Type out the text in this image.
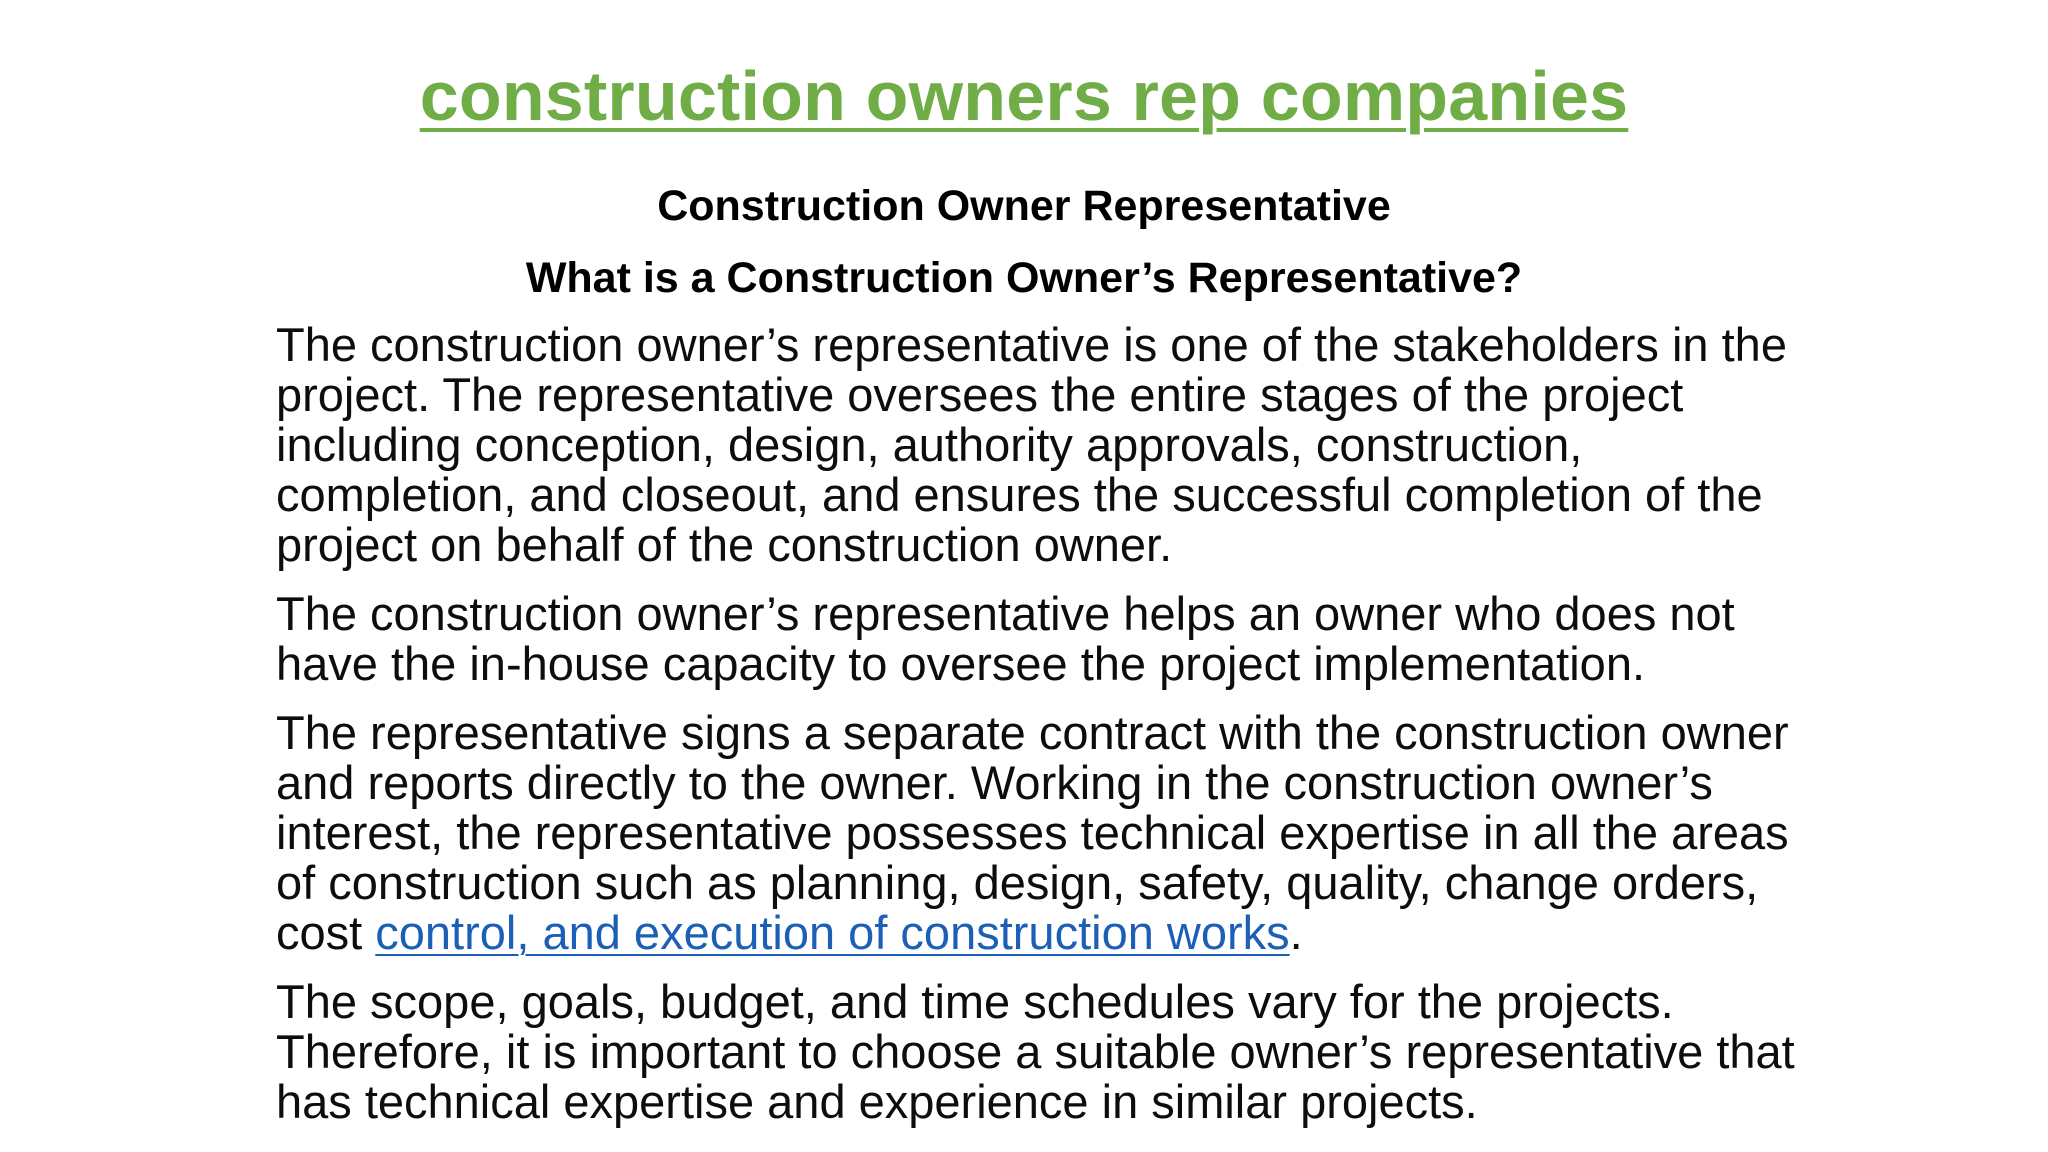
construction owners rep companies
Construction Owner Representative
What is a Construction Owner’s Representative?

The construction owner’s representative is one of the stakeholders in the project. The representative oversees the entire stages of the project including conception, design, authority approvals, construction, completion, and closeout, and ensures the successful completion of the project on behalf of the construction owner.

The construction owner’s representative helps an owner who does not have the in-house capacity to oversee the project implementation.

The representative signs a separate contract with the construction owner and reports directly to the owner. Working in the construction owner’s interest, the representative possesses technical expertise in all the areas of construction such as planning, design, safety, quality, change orders, cost control, and execution of construction works.

The scope, goals, budget, and time schedules vary for the projects. Therefore, it is important to choose a suitable owner’s representative that has technical expertise and experience in similar projects.
